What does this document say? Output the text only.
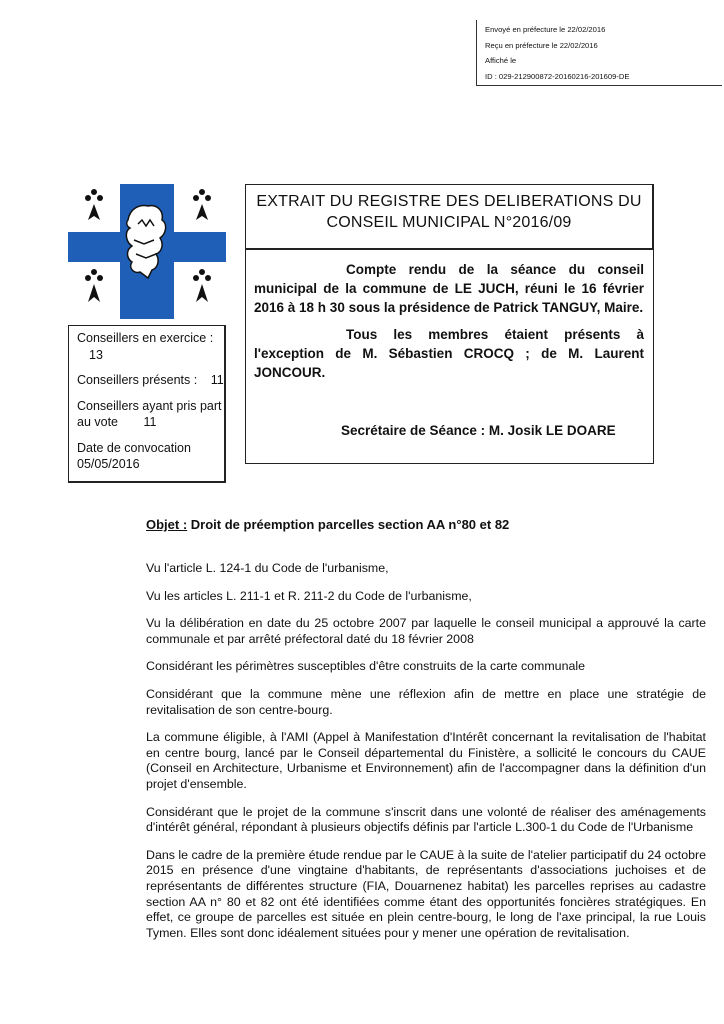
Envoyé en préfecture le 22/02/2016
Reçu en préfecture le 22/02/2016
Affiché le
ID : 029-212900872-20160216-201609-DE
EXTRAIT DU REGISTRE DES DELIBERATIONS DU
CONSEIL MUNICIPAL N°2016/09
Compte rendu de la séance du conseil municipal de la commune de LE JUCH, réuni le 16 février 2016 à 18 h 30 sous la présidence de Patrick TANGUY, Maire.
Tous les membres étaient présents à l'exception de M. Sébastien CROCQ ; de M. Laurent JONCOUR.
Secrétaire de Séance : M. Josik LE DOARE
Conseillers en exercice :
13
Conseillers présents : 11
Conseillers ayant pris part
au vote 11
Date de convocation
05/05/2016
Objet : Droit de préemption parcelles section AA n°80 et 82

Vu l'article L. 124-1 du Code de l'urbanisme,

Vu les articles L. 211-1 et R. 211-2 du Code de l'urbanisme,

Vu la délibération en date du 25 octobre 2007 par laquelle le conseil municipal a approuvé la carte communale et par arrêté préfectoral daté du 18 février 2008

Considérant les périmètres susceptibles d'être construits de la carte communale

Considérant que la commune mène une réflexion afin de mettre en place une stratégie de revitalisation de son centre-bourg.

La commune éligible, à l'AMI (Appel à Manifestation d'Intérêt concernant la revitalisation de l'habitat en centre bourg, lancé par le Conseil départemental du Finistère, a sollicité le concours du CAUE (Conseil en Architecture, Urbanisme et Environnement) afin de l'accompagner dans la définition d'un projet d'ensemble.

Considérant que le projet de la commune s'inscrit dans une volonté de réaliser des aménagements d'intérêt général, répondant à plusieurs objectifs définis par l'article L.300-1 du Code de l'Urbanisme

Dans le cadre de la première étude rendue par le CAUE à la suite de l'atelier participatif du 24 octobre 2015 en présence d'une vingtaine d'habitants, de représentants d'associations juchoises et de représentants de différentes structure (FIA, Douarnenez habitat) les parcelles reprises au cadastre section AA n° 80 et 82 ont été identifiées comme étant des opportunités foncières stratégiques. En effet, ce groupe de parcelles est située en plein centre-bourg, le long de l'axe principal, la rue Louis Tymen. Elles sont donc idéalement situées pour y mener une opération de revitalisation.
